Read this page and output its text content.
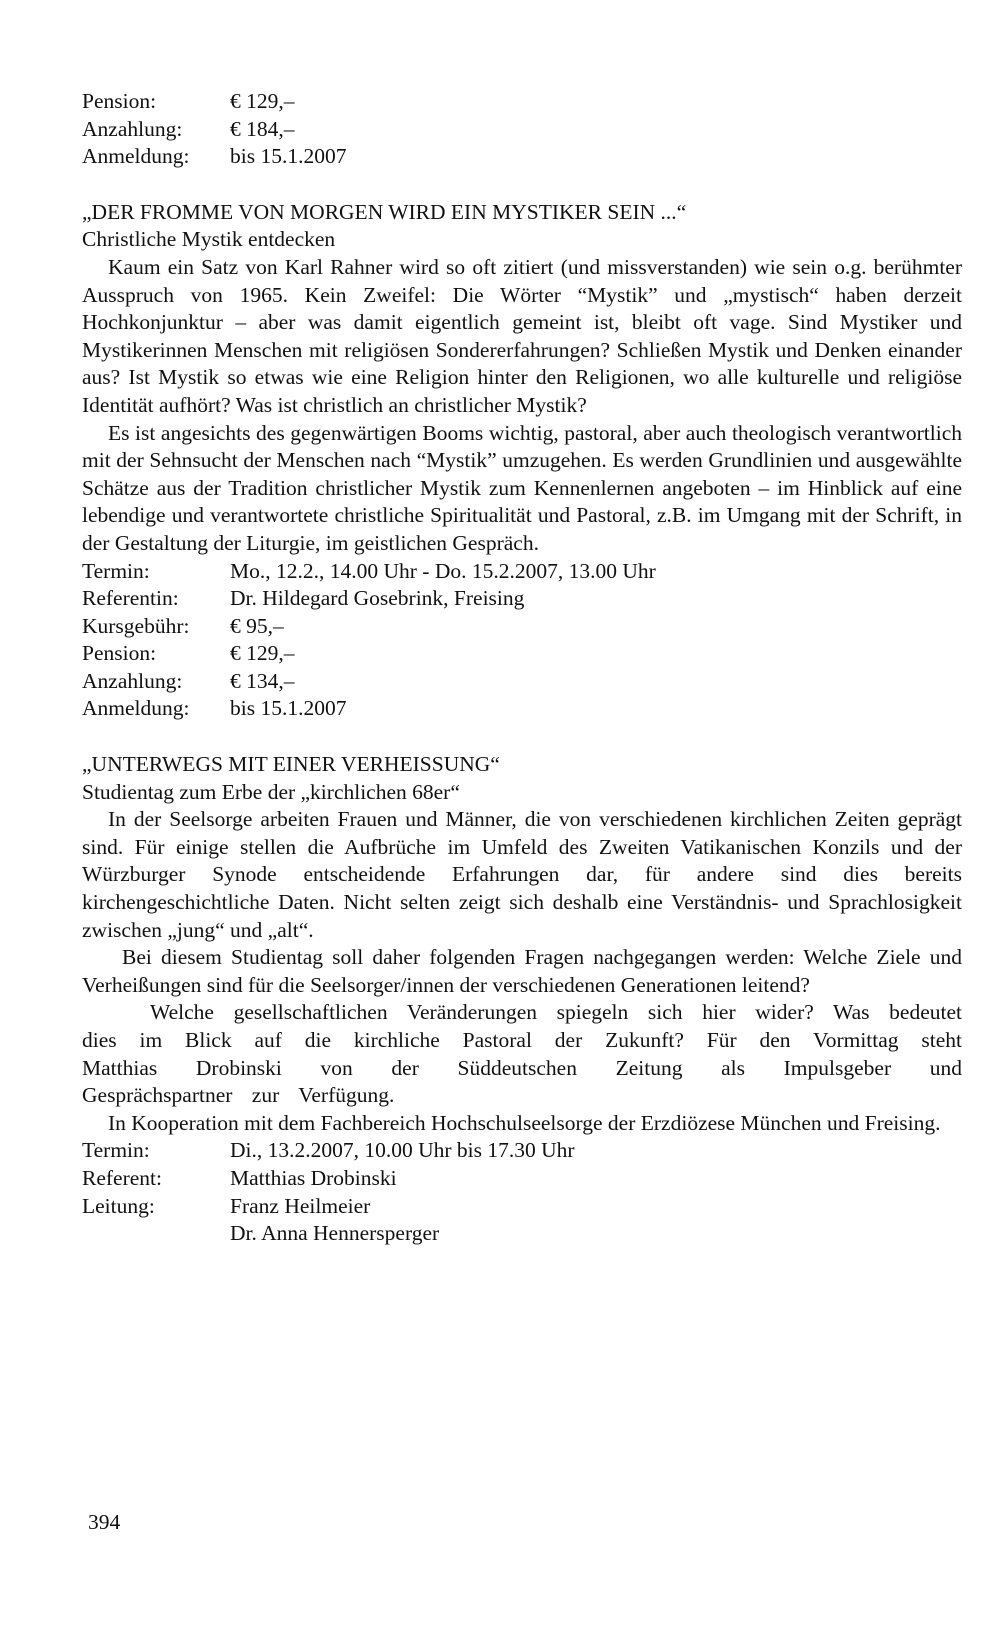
Pension:	€ 129,–
Anzahlung:	€ 184,–
Anmeldung:	bis 15.1.2007
„DER FROMME VON MORGEN WIRD EIN MYSTIKER SEIN ...“
Christliche Mystik entdecken
Kaum ein Satz von Karl Rahner wird so oft zitiert (und missverstanden) wie sein o.g. berühmter Ausspruch von 1965. Kein Zweifel: Die Wörter “Mystik” und „mystisch“ haben derzeit Hochkonjunktur – aber was damit eigentlich gemeint ist, bleibt oft vage. Sind Mystiker und Mystikerinnen Menschen mit religiösen Sondererfahrungen? Schließen Mystik und Denken einander aus? Ist Mystik so etwas wie eine Religion hinter den Religionen, wo alle kulturelle und religiöse Identität aufhört? Was ist christlich an christlicher Mystik?
Es ist angesichts des gegenwärtigen Booms wichtig, pastoral, aber auch theologisch verantwortlich mit der Sehnsucht der Menschen nach “Mystik” umzugehen. Es werden Grundlinien und ausgewählte Schätze aus der Tradition christlicher Mystik zum Kennenlernen angeboten – im Hinblick auf eine lebendige und verantwortete christliche Spiritualität und Pastoral, z.B. im Umgang mit der Schrift, in der Gestaltung der Liturgie, im geistlichen Gespräch.
Termin:	Mo., 12.2., 14.00 Uhr - Do. 15.2.2007, 13.00 Uhr
Referentin:	Dr. Hildegard Gosebrink, Freising
Kursgebühr:	€ 95,–
Pension:	€ 129,–
Anzahlung:	€ 134,–
Anmeldung:	bis 15.1.2007
„UNTERWEGS MIT EINER VERHEISSUNG“
Studientag zum Erbe der „kirchlichen 68er“
In der Seelsorge arbeiten Frauen und Männer, die von verschiedenen kirchlichen Zeiten geprägt sind. Für einige stellen die Aufbrüche im Umfeld des Zweiten Vatikanischen Konzils und der Würzburger Synode entscheidende Erfahrungen dar, für andere sind dies bereits kirchengeschichtliche Daten. Nicht selten zeigt sich deshalb eine Verständnis- und Sprachlosigkeit zwischen „jung“ und „alt“.
Bei diesem Studientag soll daher folgenden Fragen nachgegangen werden: Welche Ziele und Verheißungen sind für die Seelsorger/innen der verschiedenen Generationen leitend?
Welche gesellschaftlichen Veränderungen spiegeln sich hier wider? Was bedeutet dies im Blick auf die kirchliche Pastoral der Zukunft? Für den Vormittag steht Matthias Drobinski von der Süddeutschen Zeitung als Impulsgeber und Gesprächspartner zur Verfügung.
In Kooperation mit dem Fachbereich Hochschulseelsorge der Erzdiözese München und Freising.
Termin:	Di., 13.2.2007, 10.00 Uhr bis 17.30 Uhr
Referent:	Matthias Drobinski
Leitung:	Franz Heilmeier
Dr. Anna Hennersperger
394
